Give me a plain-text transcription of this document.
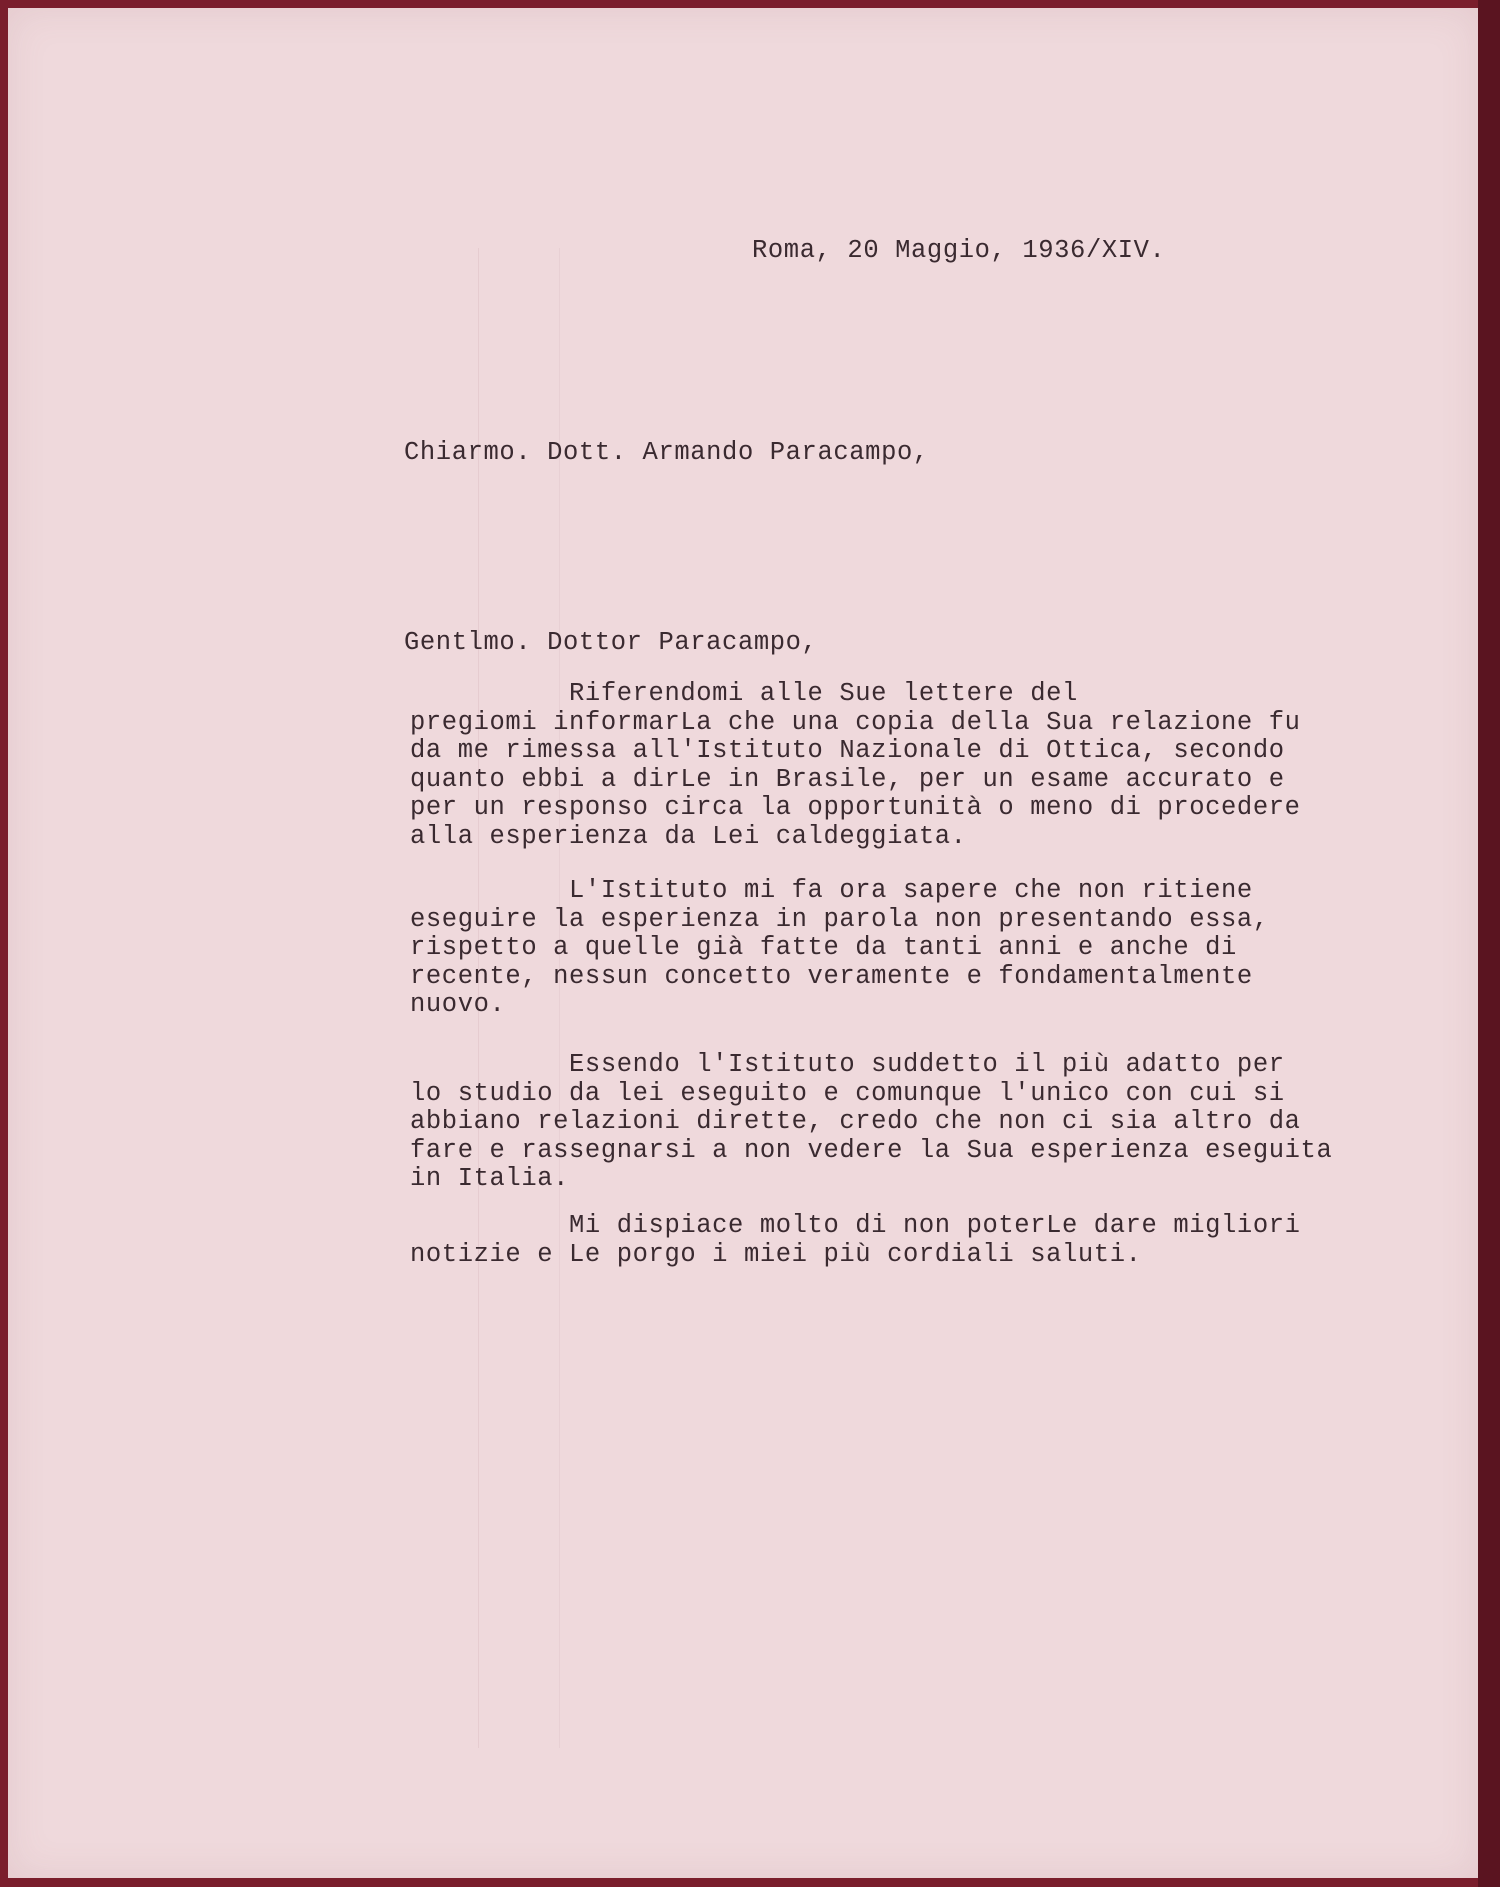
Roma, 20 Maggio, 1936/XIV.
Chiarmo. Dott. Armando Paracampo,
Gentlmo. Dottor Paracampo,
Riferendomi alle Sue lettere del
pregiomi informarLa che una copia della Sua relazione fu
da me rimessa all'Istituto Nazionale di Ottica, secondo
quanto ebbi a dirLe in Brasile, per un esame accurato e
per un responso circa la opportunità o meno di procedere
alla esperienza da Lei caldeggiata.
L'Istituto mi fa ora sapere che non ritiene
eseguire la esperienza in parola non presentando essa,
rispetto a quelle già fatte da tanti anni e anche di
recente, nessun concetto veramente e fondamentalmente
nuovo.
Essendo l'Istituto suddetto il più adatto per
lo studio da lei eseguito e comunque l'unico con cui si
abbiano relazioni dirette, credo che non ci sia altro da
fare e rassegnarsi a non vedere la Sua esperienza eseguita
in Italia.
Mi dispiace molto di non poterLe dare migliori
notizie e Le porgo i miei più cordiali saluti.
